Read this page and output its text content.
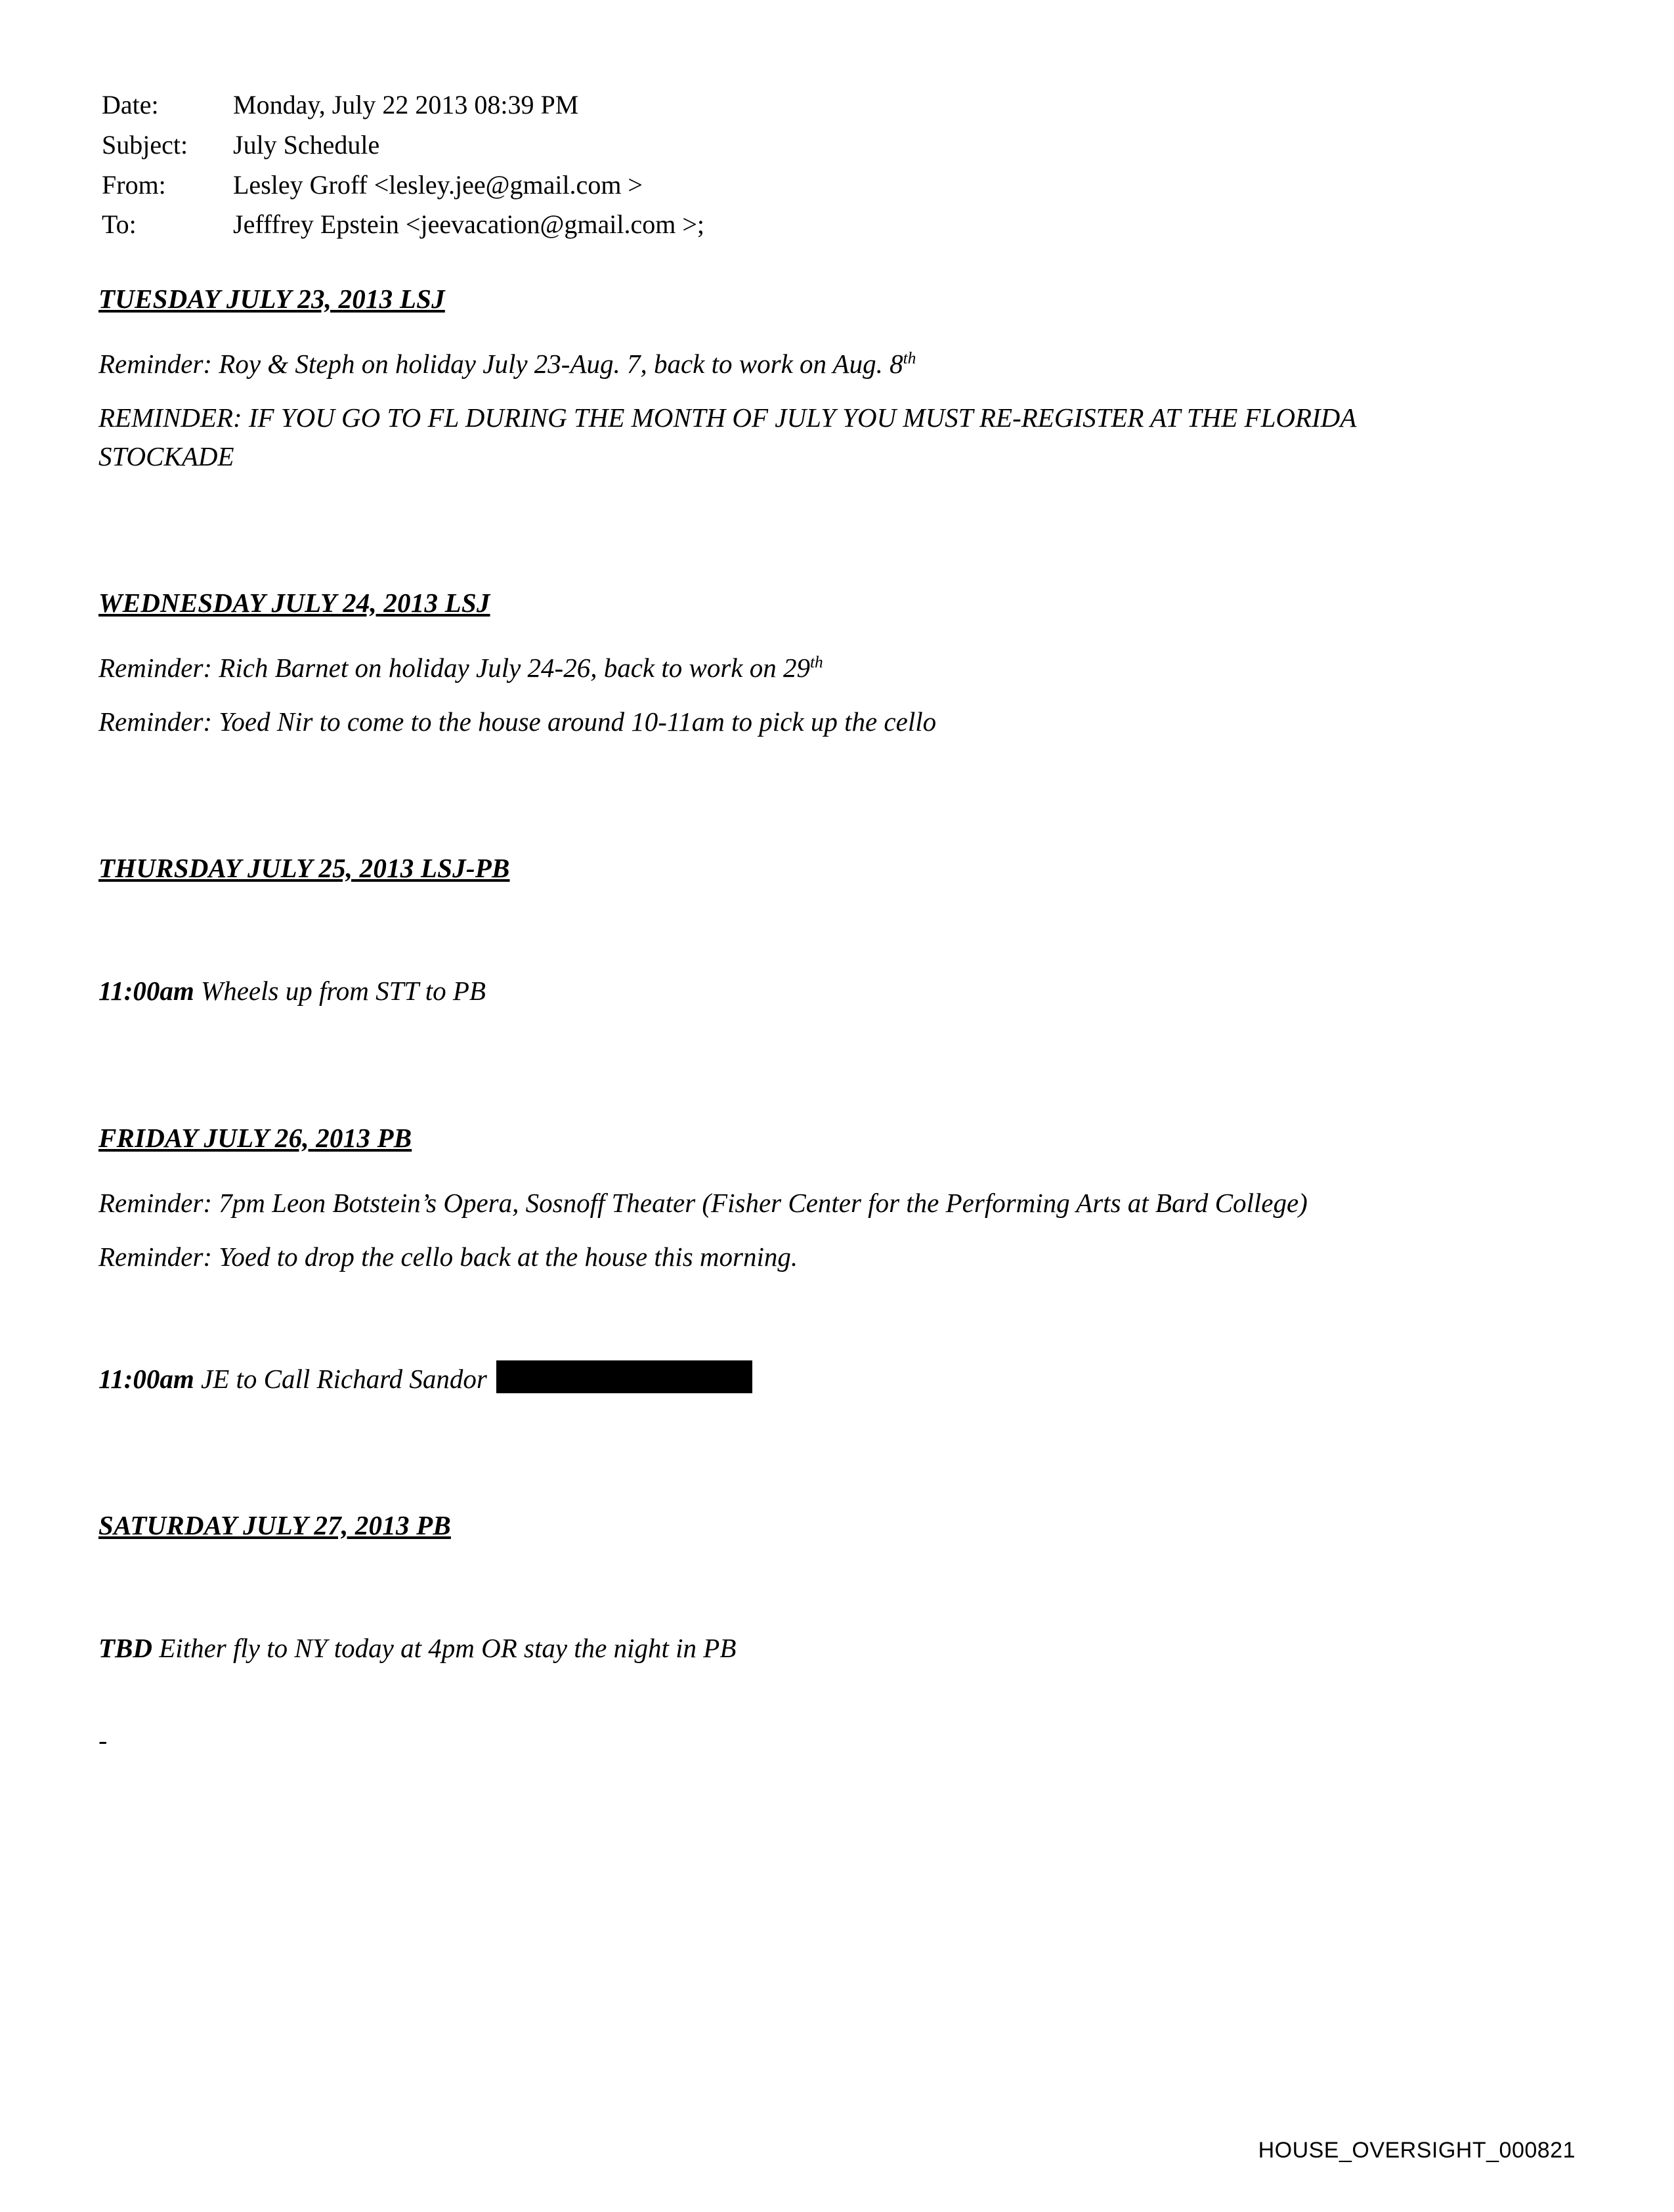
Date:	Monday, July 22 2013 08:39 PM
Subject:	July Schedule
From:	Lesley Groff <lesley.jee@gmail.com >
To:	Jefffrey Epstein <jeevacation@gmail.com >;
TUESDAY JULY 23, 2013 LSJ

Reminder: Roy & Steph on holiday July 23-Aug. 7, back to work on Aug. 8th

REMINDER: IF YOU GO TO FL DURING THE MONTH OF JULY YOU MUST RE-REGISTER AT THE FLORIDA STOCKADE

WEDNESDAY JULY 24, 2013 LSJ

Reminder: Rich Barnet on holiday July 24-26, back to work on 29th

Reminder: Yoed Nir to come to the house around 10-11am to pick up the cello

THURSDAY JULY 25, 2013 LSJ-PB

11:00am Wheels up from STT to PB

FRIDAY JULY 26, 2013 PB

Reminder: 7pm Leon Botstein’s Opera, Sosnoff Theater (Fisher Center for the Performing Arts at Bard College)

Reminder: Yoed to drop the cello back at the house this morning.

11:00am JE to Call Richard Sandor

SATURDAY JULY 27, 2013 PB

TBD Either fly to NY today at 4pm OR stay the night in PB

-
HOUSE_OVERSIGHT_000821
